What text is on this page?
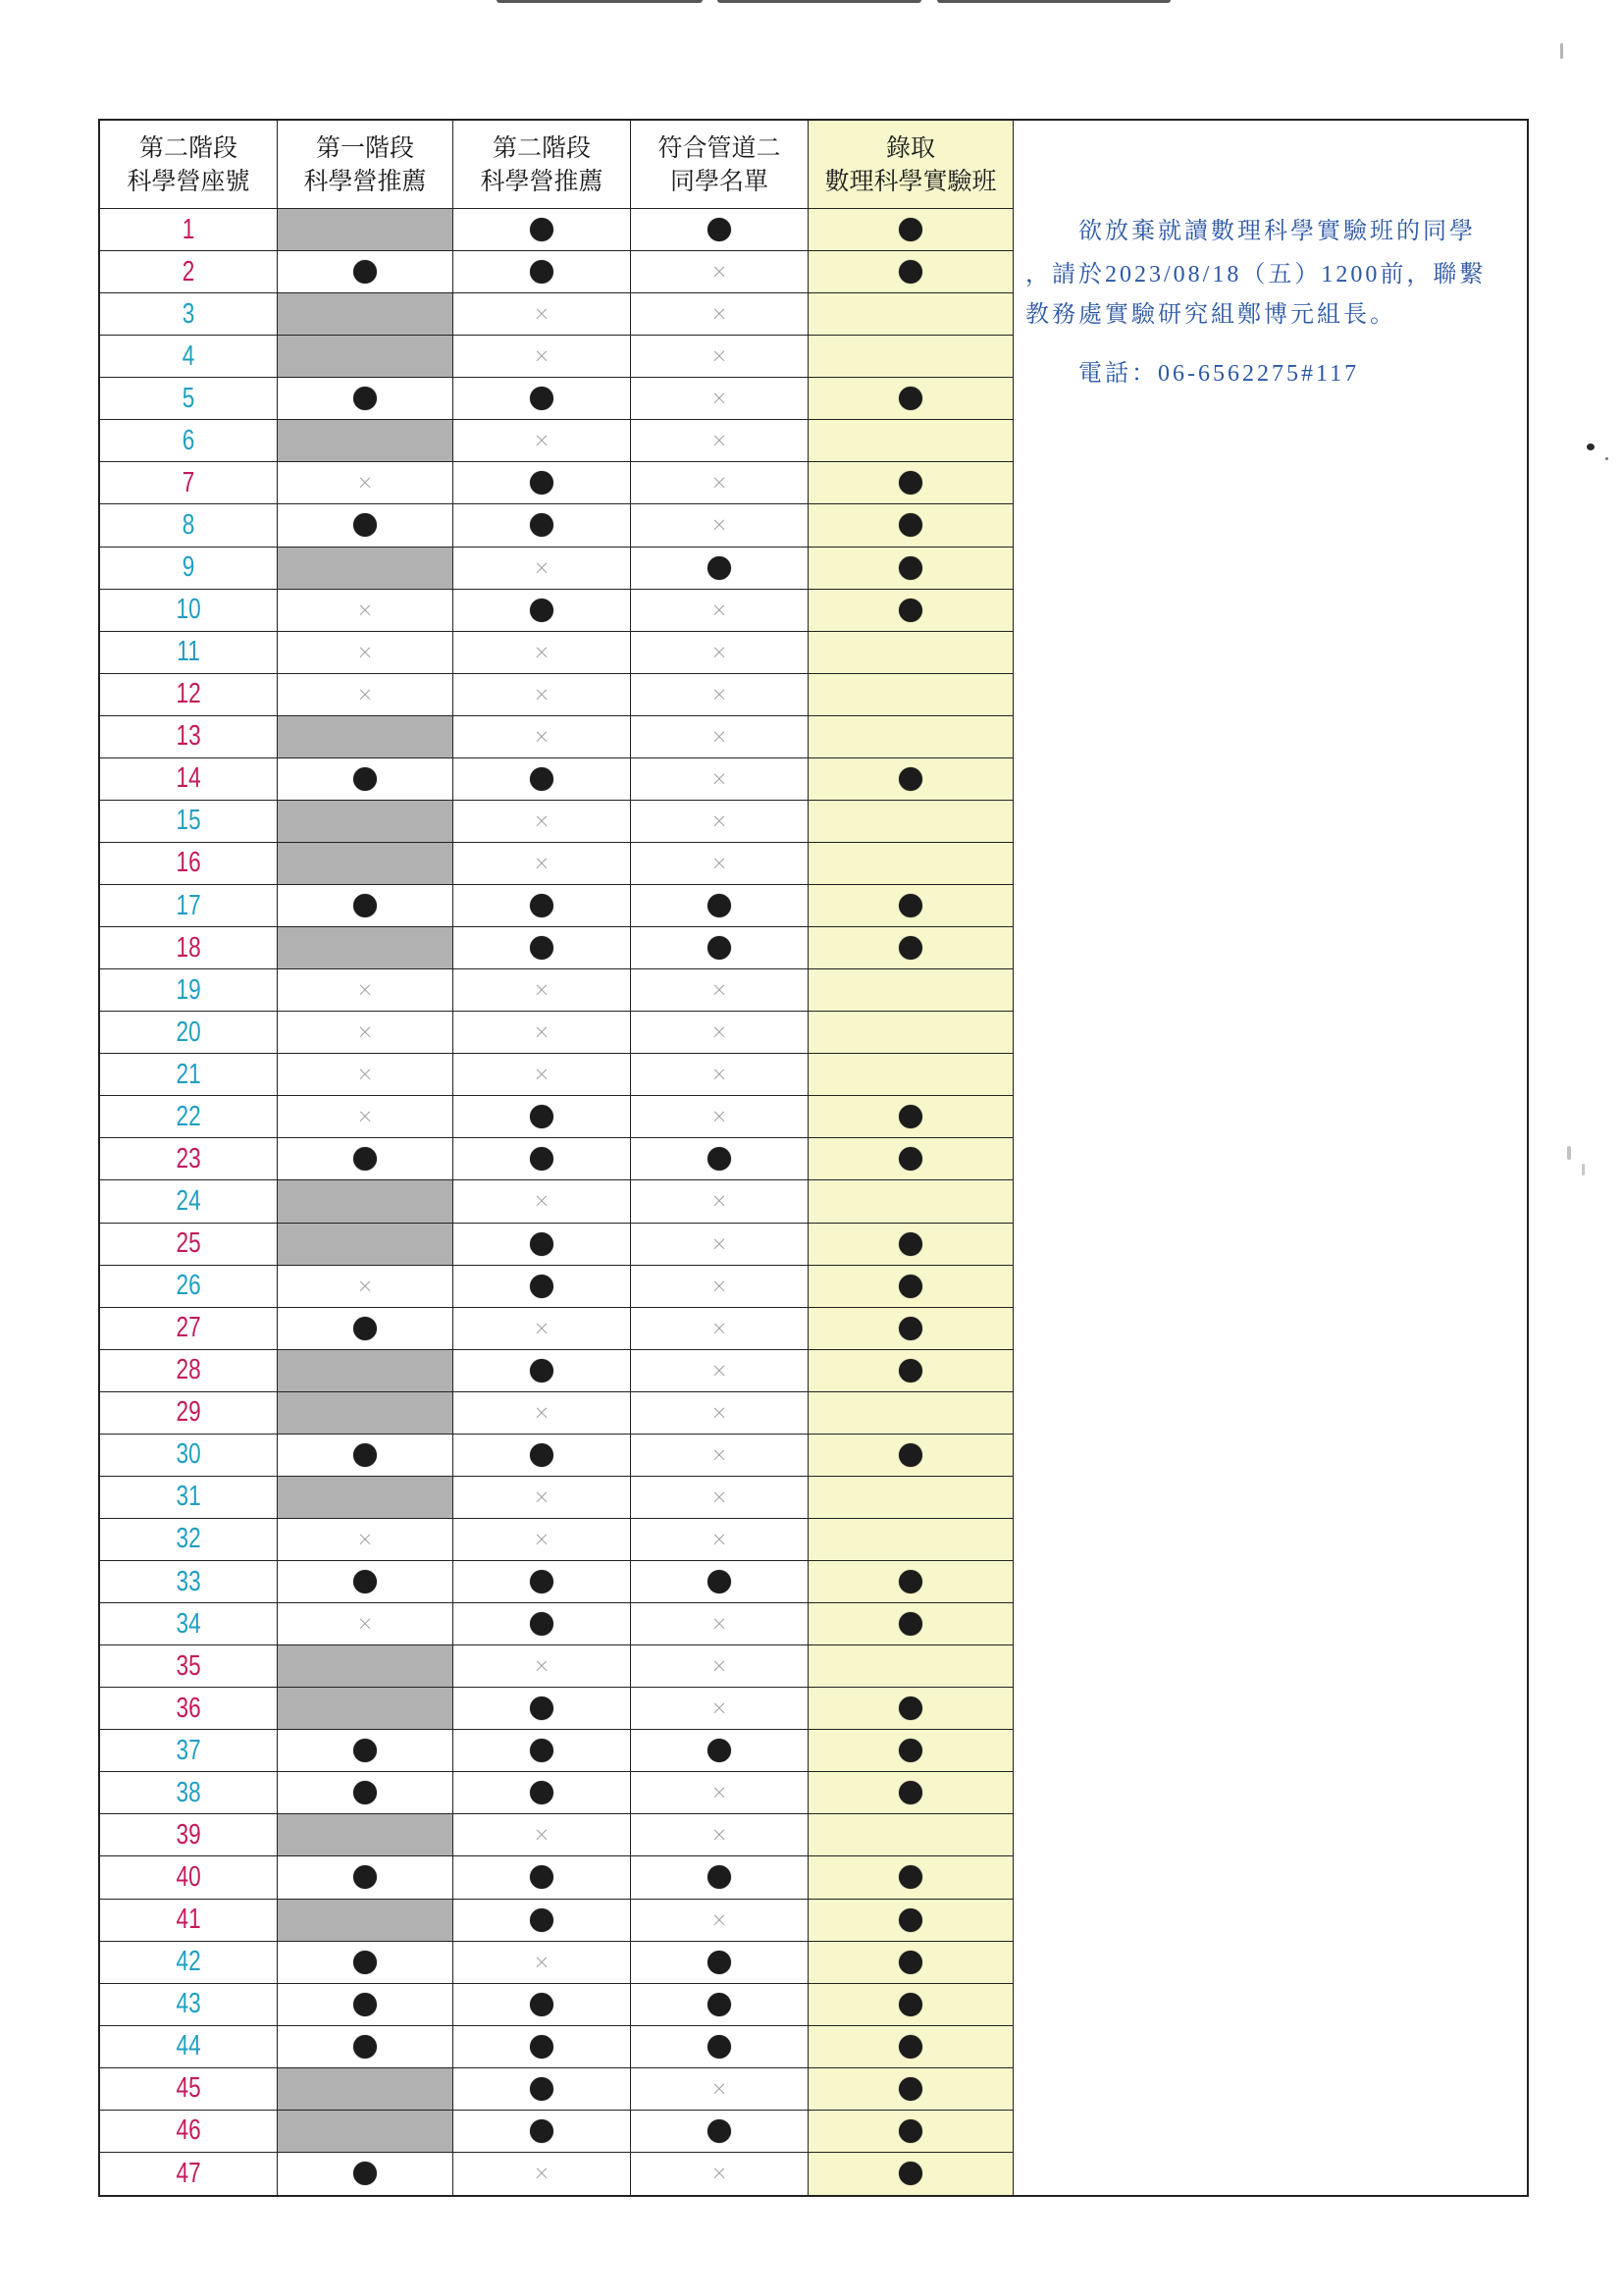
第二階段
科學營座號
第一階段
科學營推薦
第二階段
科學營推薦
符合管道二
同學名單
錄取
數理科學實驗班
1
2
3
4
5
6
7
8
9
10
11
12
13
14
15
16
17
18
19
20
21
22
23
24
25
26
27
28
29
30
31
32
33
34
35
36
37
38
39
40
41
42
43
44
45
46
47
欲放棄就讀數理科學實驗班的同學
，請於2023/08/18（五）1200前，聯繫
教務處實驗研究組鄭博元組長。
電話：06-6562275#117
